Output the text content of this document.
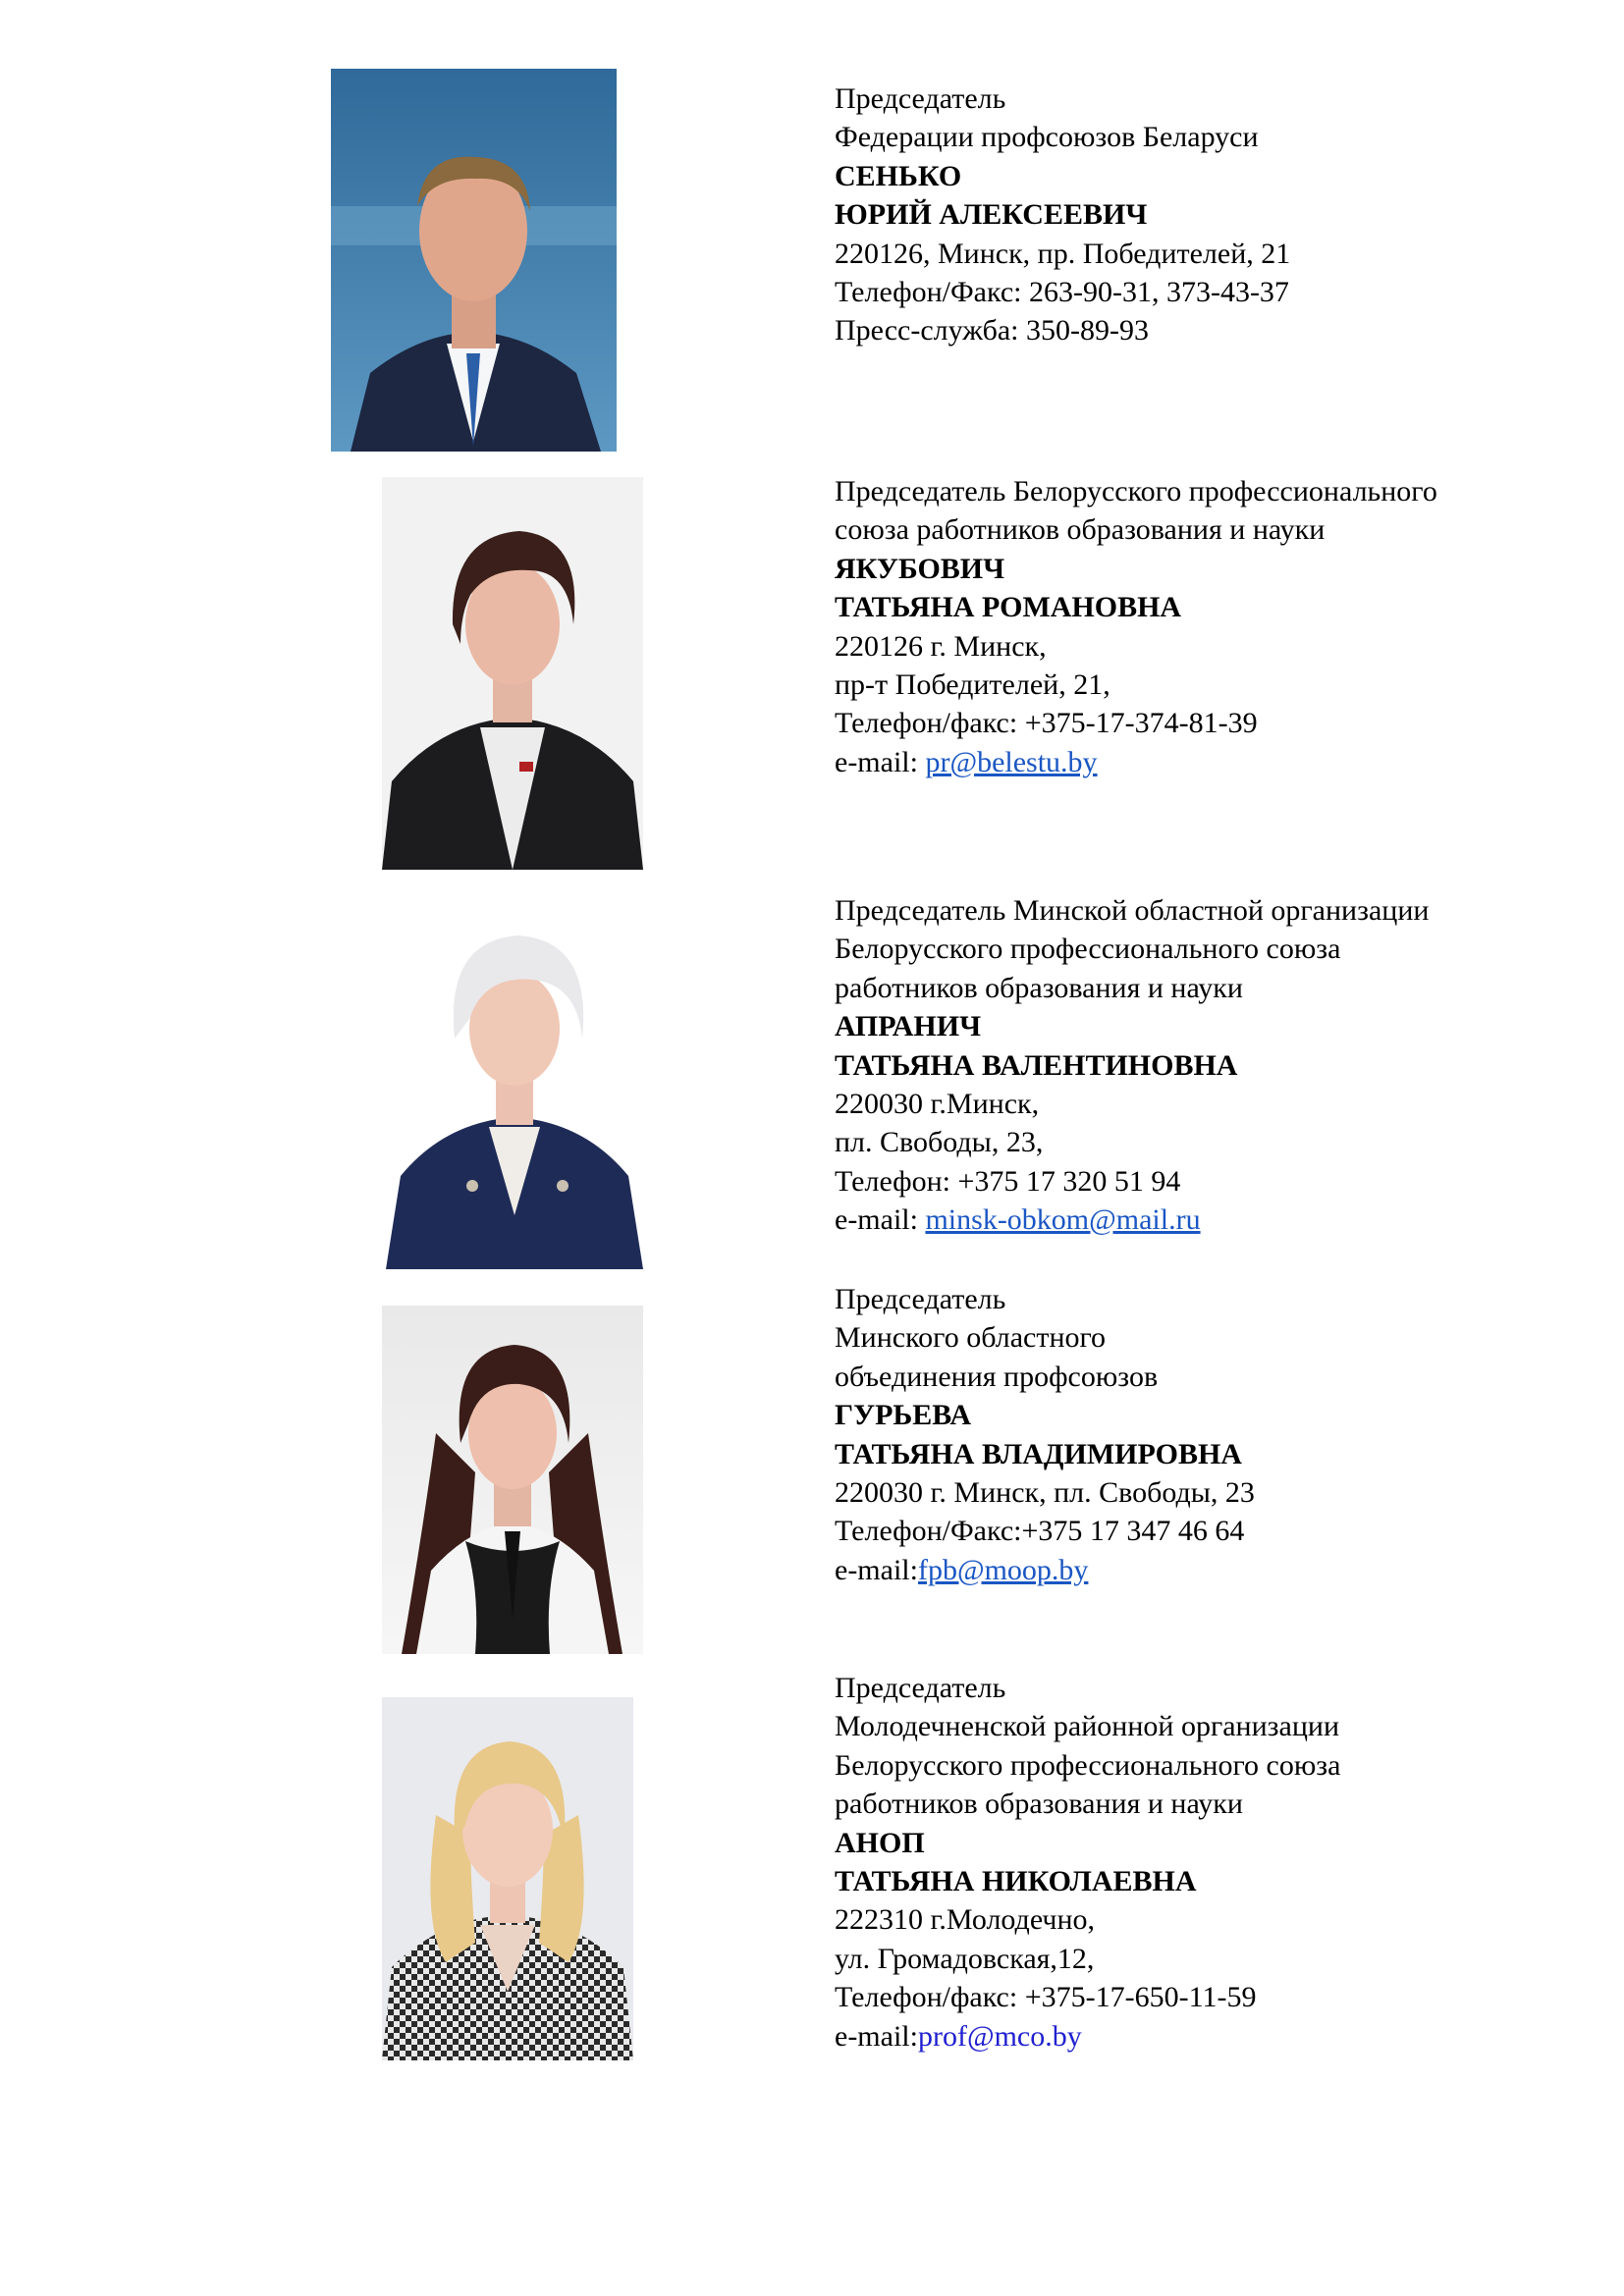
Председатель
Федерации профсоюзов Беларуси
СЕНЬКО
ЮРИЙ АЛЕКСЕЕВИЧ
220126, Минск, пр. Победителей, 21
Телефон/Факс: 263-90-31, 373-43-37
Пресс-служба: 350-89-93
Председатель Белорусского профессионального
союза работников образования и науки
ЯКУБОВИЧ
ТАТЬЯНА РОМАНОВНА
220126 г. Минск,
пр-т Победителей, 21,
Телефон/факс: +375-17-374-81-39
e-mail: pr@belestu.by
Председатель Минской областной организации
Белорусского профессионального союза
работников образования и науки
АПРАНИЧ
ТАТЬЯНА ВАЛЕНТИНОВНА
220030 г.Минск,
пл. Свободы, 23,
Телефон: +375 17 320 51 94
e-mail: minsk-obkom@mail.ru
Председатель
Минского областного
объединения профсоюзов
ГУРЬЕВА
ТАТЬЯНА ВЛАДИМИРОВНА
220030 г. Минск, пл. Свободы, 23
Телефон/Факс:+375 17 347 46 64
e-mail:fpb@moop.by
Председатель
Молодечненской районной организации
Белорусского профессионального союза
работников образования и науки
АНОП
ТАТЬЯНА НИКОЛАЕВНА
222310 г.Молодечно,
ул. Громадовская,12,
Телефон/факс: +375-17-650-11-59
e-mail:prof@mco.by
